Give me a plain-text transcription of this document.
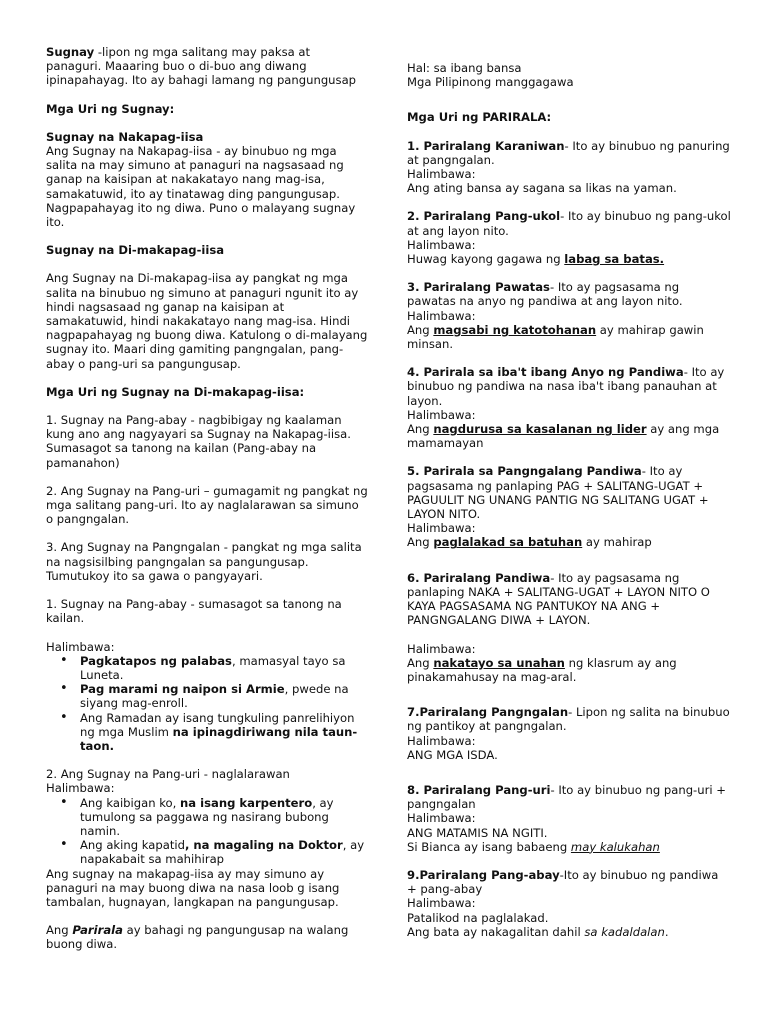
Sugnay -lipon ng mga salitang may paksa at panaguri. Maaaring buo o di-buo ang diwang ipinapahayag. Ito ay bahagi lamang ng pangungusap

Mga Uri ng Sugnay:

Sugnay na Nakapag-iisa

Ang Sugnay na Nakapag-iisa - ay binubuo ng mga salita na may simuno at panaguri na nagsasaad ng ganap na kaisipan at nakakatayo nang mag-isa, samakatuwid, ito ay tinatawag ding pangungusap. Nagpapahayag ito ng diwa. Puno o malayang sugnay ito.

Sugnay na Di-makapag-iisa

Ang Sugnay na Di-makapag-iisa ay pangkat ng mga salita na binubuo ng simuno at panaguri ngunit ito ay hindi nagsasaad ng ganap na kaisipan at samakatuwid, hindi nakakatayo nang mag-isa. Hindi nagpapahayag ng buong diwa. Katulong o di-malayang sugnay ito. Maari ding gamiting pangngalan, pang-abay o pang-uri sa pangungusap.

Mga Uri ng Sugnay na Di-makapag-iisa:

1. Sugnay na Pang-abay - nagbibigay ng kaalaman kung ano ang nagyayari sa Sugnay na Nakapag-iisa. Sumasagot sa tanong na kailan (Pang-abay na pamanahon)

2. Ang Sugnay na Pang-uri – gumagamit ng pangkat ng mga salitang pang-uri. Ito ay naglalarawan sa simuno o pangngalan.

3. Ang Sugnay na Pangngalan - pangkat ng mga salita na nagsisilbing pangngalan sa pangungusap. Tumutukoy ito sa gawa o pangyayari.

1. Sugnay na Pang-abay - sumasagot sa tanong na kailan.

Halimbawa:

• Pagkatapos ng palabas, mamasyal tayo sa Luneta.
• Pag marami ng naipon si Armie, pwede na siyang mag-enroll.
• Ang Ramadan ay isang tungkuling panrelihiyon ng mga Muslim na ipinagdiriwang nila taun-taon.

2. Ang Sugnay na Pang-uri - naglalarawan

Halimbawa:

• Ang kaibigan ko, na isang karpentero, ay tumulong sa paggawa ng nasirang bubong namin.
• Ang aking kapatid, na magaling na Doktor, ay napakabait sa mahihirap

Ang sugnay na makapag-iisa ay may simuno ay panaguri na may buong diwa na nasa loob g isang tambalan, hugnayan, langkapan na pangungusap.

Ang Parirala ay bahagi ng pangungusap na walang buong diwa.

Hal: sa ibang bansa

Mga Pilipinong manggagawa

Mga Uri ng PARIRALA:

1. Pariralang Karaniwan- Ito ay binubuo ng panuring at pangngalan.

Halimbawa:

Ang ating bansa ay sagana sa likas na yaman.

2. Pariralang Pang-ukol- Ito ay binubuo ng pang-ukol at ang layon nito.

Halimbawa:

Huwag kayong gagawa ng labag sa batas.

3. Pariralang Pawatas- Ito ay pagsasama ng pawatas na anyo ng pandiwa at ang layon nito.

Halimbawa:

Ang magsabi ng katotohanan ay mahirap gawin minsan.

4. Parirala sa iba't ibang Anyo ng Pandiwa- Ito ay binubuo ng pandiwa na nasa iba't ibang panauhan at layon.

Halimbawa:

Ang nagdurusa sa kasalanan ng lider ay ang mga mamamayan

5. Parirala sa Pangngalang Pandiwa- Ito ay pagsasama ng panlaping PAG + SALITANG-UGAT + PAGUULIT NG UNANG PANTIG NG SALITANG UGAT + LAYON NITO.

Halimbawa:

Ang paglalakad sa batuhan ay mahirap

6. Pariralang Pandiwa- Ito ay pagsasama ng panlaping NAKA + SALITANG-UGAT + LAYON NITO O KAYA PAGSASAMA NG PANTUKOY NA ANG + PANGNGALANG DIWA + LAYON.

Halimbawa:

Ang nakatayo sa unahan ng klasrum ay ang pinakamahusay na mag-aral.

7.Pariralang Pangngalan- Lipon ng salita na binubuo ng pantikoy at pangngalan.

Halimbawa:

ANG MGA ISDA.

8. Pariralang Pang-uri- Ito ay binubuo ng pang-uri + pangngalan

Halimbawa:

ANG MATAMIS NA NGITI.

Si Bianca ay isang babaeng may kalukahan

9.Pariralang Pang-abay-Ito ay binubuo ng pandiwa + pang-abay

Halimbawa:

Patalikod na paglalakad.

Ang bata ay nakagalitan dahil sa kadaldalan.
